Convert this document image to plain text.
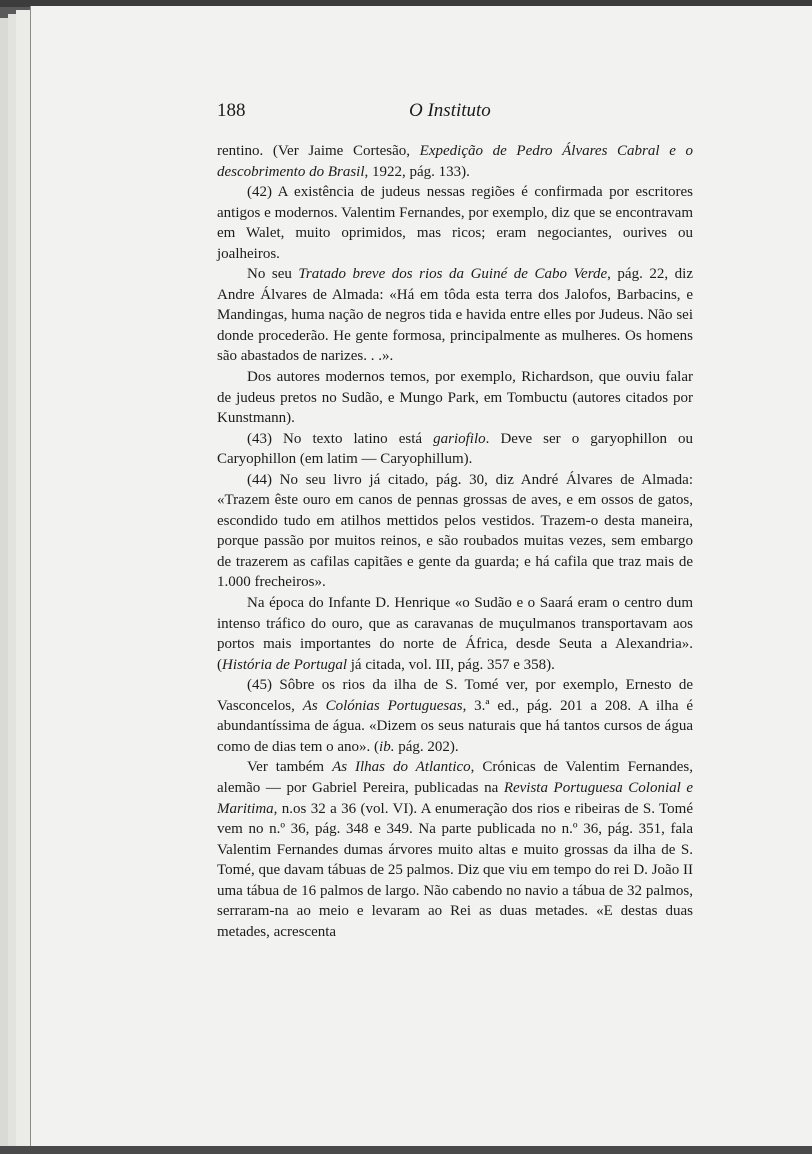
188	O Instituto

rentino. (Ver Jaime Cortesão, Expedição de Pedro Álvares Cabral e o descobrimento do Brasil, 1922, pág. 133).

(42) A existência de judeus nessas regiões é confirmada por escritores antigos e modernos. Valentim Fernandes, por exemplo, diz que se encontravam em Walet, muito oprimidos, mas ricos; eram negociantes, ourives ou joalheiros.

No seu Tratado breve dos rios da Guiné de Cabo Verde, pág. 22, diz Andre Álvares de Almada: «Há em tôda esta terra dos Jalofos, Barbacins, e Mandingas, huma nação de negros tida e havida entre elles por Judeus. Não sei donde procederão. He gente formosa, principalmente as mulheres. Os homens são abastados de narizes. . .».

Dos autores modernos temos, por exemplo, Richardson, que ouviu falar de judeus pretos no Sudão, e Mungo Park, em Tombuctu (autores citados por Kunstmann).

(43) No texto latino está gariofilo. Deve ser o garyophillon ou Caryophillon (em latim — Caryophillum).

(44) No seu livro já citado, pág. 30, diz André Álvares de Almada: «Trazem êste ouro em canos de pennas grossas de aves, e em ossos de gatos, escondido tudo em atilhos mettidos pelos vestidos. Trazem-o desta maneira, porque passão por muitos reinos, e são roubados muitas vezes, sem embargo de trazerem as cafilas capitães e gente da guarda; e há cafila que traz mais de 1.000 frecheiros».

Na época do Infante D. Henrique «o Sudão e o Saará eram o centro dum intenso tráfico do ouro, que as caravanas de muçulmanos transportavam aos portos mais importantes do norte de África, desde Seuta a Alexandria». (História de Portugal já citada, vol. III, pág. 357 e 358).

(45) Sôbre os rios da ilha de S. Tomé ver, por exemplo, Ernesto de Vasconcelos, As Colónias Portuguesas, 3.ª ed., pág. 201 a 208. A ilha é abundantíssima de água. «Dizem os seus naturais que há tantos cursos de água como de dias tem o ano». (ib. pág. 202).

Ver também As Ilhas do Atlantico, Crónicas de Valentim Fernandes, alemão — por Gabriel Pereira, publicadas na Revista Portuguesa Colonial e Maritima, n.os 32 a 36 (vol. VI). A enumeração dos rios e ribeiras de S. Tomé vem no n.º 36, pág. 348 e 349. Na parte publicada no n.º 36, pág. 351, fala Valentim Fernandes dumas árvores muito altas e muito grossas da ilha de S. Tomé, que davam tábuas de 25 palmos. Diz que viu em tempo do rei D. João II uma tábua de 16 palmos de largo. Não cabendo no navio a tábua de 32 palmos, serraram-na ao meio e levaram ao Rei as duas metades. «E destas duas metades, acrescenta
